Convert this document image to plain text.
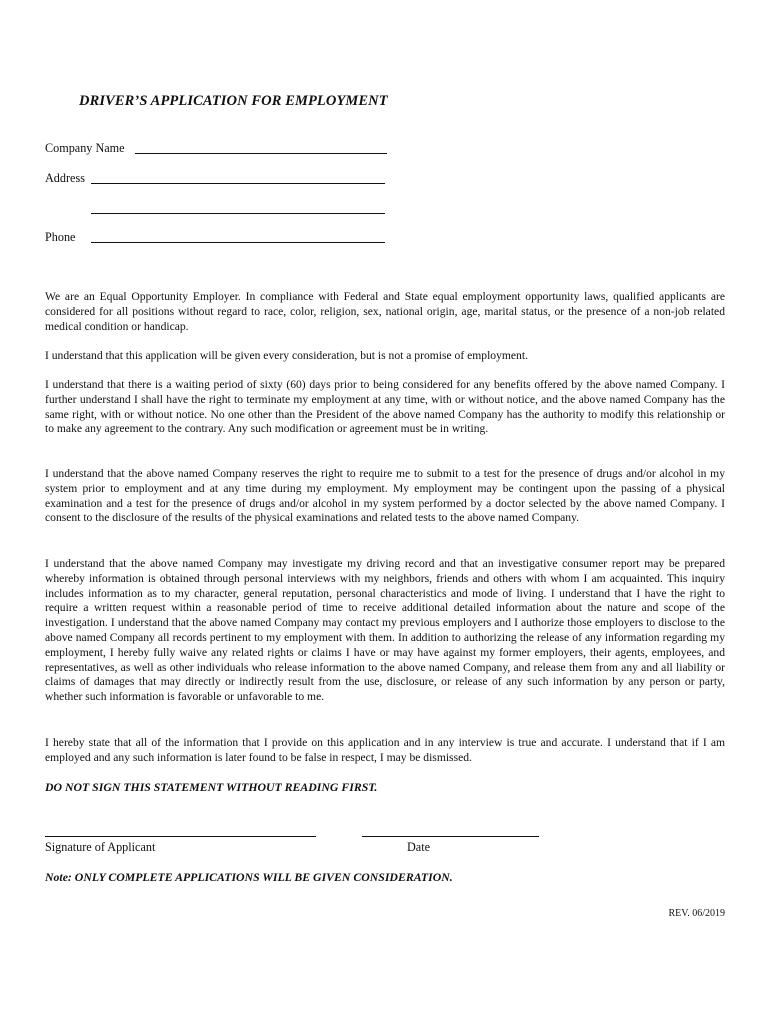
DRIVER’S APPLICATION FOR EMPLOYMENT
Company Name
Address
Phone

We are an Equal Opportunity Employer. In compliance with Federal and State equal employment opportunity laws, qualified applicants are considered for all positions without regard to race, color, religion, sex, national origin, age, marital status, or the presence of a non-job related medical condition or handicap.

I understand that this application will be given every consideration, but is not a promise of employment.

I understand that there is a waiting period of sixty (60) days prior to being considered for any benefits offered by the above named Company. I further understand I shall have the right to terminate my employment at any time, with or without notice, and the above named Company has the same right, with or without notice. No one other than the President of the above named Company has the authority to modify this relationship or to make any agreement to the contrary. Any such modification or agreement must be in writing.

I understand that the above named Company reserves the right to require me to submit to a test for the presence of drugs and/or alcohol in my system prior to employment and at any time during my employment. My employment may be contingent upon the passing of a physical examination and a test for the presence of drugs and/or alcohol in my system performed by a doctor selected by the above named Company. I consent to the disclosure of the results of the physical examinations and related tests to the above named Company.

I understand that the above named Company may investigate my driving record and that an investigative consumer report may be prepared whereby information is obtained through personal interviews with my neighbors, friends and others with whom I am acquainted. This inquiry includes information as to my character, general reputation, personal characteristics and mode of living. I understand that I have the right to require a written request within a reasonable period of time to receive additional detailed information about the nature and scope of the investigation. I understand that the above named Company may contact my previous employers and I authorize those employers to disclose to the above named Company all records pertinent to my employment with them. In addition to authorizing the release of any information regarding my employment, I hereby fully waive any related rights or claims I have or may have against my former employers, their agents, employees, and representatives, as well as other individuals who release information to the above named Company, and release them from any and all liability or claims of damages that may directly or indirectly result from the use, disclosure, or release of any such information by any person or party, whether such information is favorable or unfavorable to me.

I hereby state that all of the information that I provide on this application and in any interview is true and accurate. I understand that if I am employed and any such information is later found to be false in respect, I may be dismissed.

DO NOT SIGN THIS STATEMENT WITHOUT READING FIRST.
Signature of Applicant	Date
Note: ONLY COMPLETE APPLICATIONS WILL BE GIVEN CONSIDERATION.
REV. 06/2019
